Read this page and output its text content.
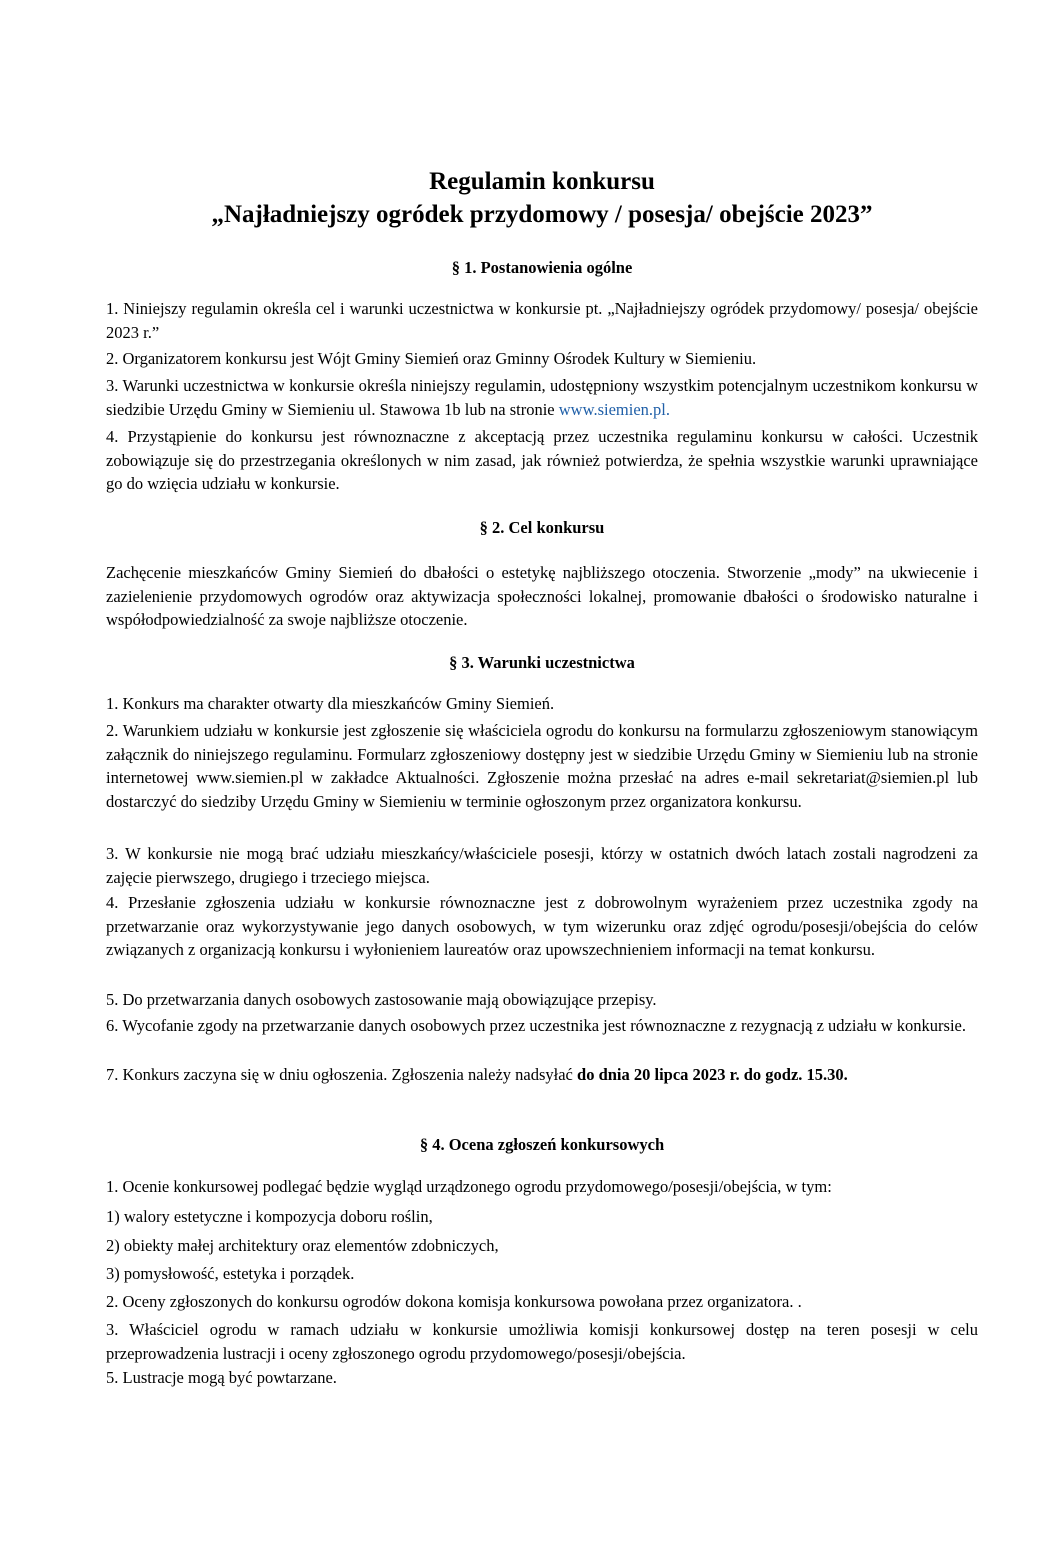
Regulamin konkursu
„Najładniejszy ogródek przydomowy / posesja/ obejście 2023”
§ 1. Postanowienia ogólne

1. Niniejszy regulamin określa cel i warunki uczestnictwa w konkursie pt. „Najładniejszy ogródek przydomowy/ posesja/ obejście 2023 r.”

2. Organizatorem konkursu jest Wójt Gminy Siemień oraz Gminny Ośrodek Kultury w Siemieniu.

3. Warunki uczestnictwa w konkursie określa niniejszy regulamin, udostępniony wszystkim potencjalnym uczestnikom konkursu w siedzibie Urzędu Gminy w Siemieniu ul. Stawowa 1b lub na stronie www.siemien.pl.

4. Przystąpienie do konkursu jest równoznaczne z akceptacją przez uczestnika regulaminu konkursu w całości. Uczestnik zobowiązuje się do przestrzegania określonych w nim zasad, jak również potwierdza, że spełnia wszystkie warunki uprawniające go do wzięcia udziału w konkursie.

§ 2. Cel konkursu

Zachęcenie mieszkańców Gminy Siemień do dbałości o estetykę najbliższego otoczenia. Stworzenie „mody” na ukwiecenie i zazielenienie przydomowych ogrodów oraz aktywizacja społeczności lokalnej, promowanie dbałości o środowisko naturalne i współodpowiedzialność za swoje najbliższe otoczenie.

§ 3. Warunki uczestnictwa

1. Konkurs ma charakter otwarty dla mieszkańców Gminy Siemień.

2. Warunkiem udziału w konkursie jest zgłoszenie się właściciela ogrodu do konkursu na formularzu zgłoszeniowym stanowiącym załącznik do niniejszego regulaminu. Formularz zgłoszeniowy dostępny jest w siedzibie Urzędu Gminy w Siemieniu lub na stronie internetowej www.siemien.pl w zakładce Aktualności. Zgłoszenie można przesłać na adres e-mail sekretariat@siemien.pl lub dostarczyć do siedziby Urzędu Gminy w Siemieniu w terminie ogłoszonym przez organizatora konkursu.

3. W konkursie nie mogą brać udziału mieszkańcy/właściciele posesji, którzy w ostatnich dwóch latach zostali nagrodzeni za zajęcie pierwszego, drugiego i trzeciego miejsca.

4. Przesłanie zgłoszenia udziału w konkursie równoznaczne jest z dobrowolnym wyrażeniem przez uczestnika zgody na przetwarzanie oraz wykorzystywanie jego danych osobowych, w tym wizerunku oraz zdjęć ogrodu/posesji/obejścia do celów związanych z organizacją konkursu i wyłonieniem laureatów oraz upowszechnieniem informacji na temat konkursu.

5. Do przetwarzania danych osobowych zastosowanie mają obowiązujące przepisy.

6. Wycofanie zgody na przetwarzanie danych osobowych przez uczestnika jest równoznaczne z rezygnacją z udziału w konkursie.

7. Konkurs zaczyna się w dniu ogłoszenia. Zgłoszenia należy nadsyłać do dnia 20 lipca 2023 r. do godz. 15.30.

§ 4. Ocena zgłoszeń konkursowych

1. Ocenie konkursowej podlegać będzie wygląd urządzonego ogrodu przydomowego/posesji/obejścia, w tym:

1) walory estetyczne i kompozycja doboru roślin,

2) obiekty małej architektury oraz elementów zdobniczych,

3) pomysłowość, estetyka i porządek.

2. Oceny zgłoszonych do konkursu ogrodów dokona komisja konkursowa powołana przez organizatora. .

3. Właściciel ogrodu w ramach udziału w konkursie umożliwia komisji konkursowej dostęp na teren posesji w celu przeprowadzenia lustracji i oceny zgłoszonego ogrodu przydomowego/posesji/obejścia.

5. Lustracje mogą być powtarzane.
